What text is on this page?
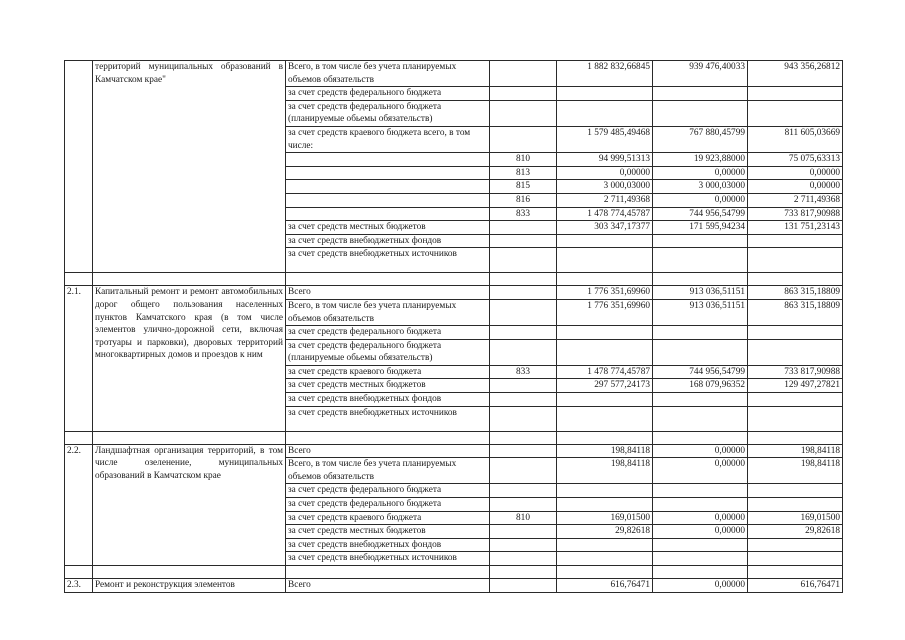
	территорий муниципальных образований в Камчатском крае"	Всего, в том числе без учета планируемых объемов обязательств		1 882 832,66845	939 476,40033	943 356,26812
		за счет средств федерального бюджета				
		за счет средств федерального бюджета (планируемые обьемы обязательств)				
		за счет средств краевого бюджета всего, в том числе:		1 579 485,49468	767 880,45799	811 605,03669
			810	94 999,51313	19 923,88000	75 075,63313
			813	0,00000	0,00000	0,00000
			815	3 000,03000	3 000,03000	0,00000
			816	2 711,49368	0,00000	2 711,49368
			833	1 478 774,45787	744 956,54799	733 817,90988
		за счет средств местных бюджетов		303 347,17377	171 595,94234	131 751,23143
		за счет средств внебюджетных фондов				
		за счет средств внебюджетных источников				

2.1.	Капитальный ремонт и ремонт автомобильных дорог общего пользования населенных пунктов Камчатского края (в том числе элементов улично-дорожной сети, включая тротуары и парковки), дворовых территорий многоквартирных домов и проездов к ним	Всего		1 776 351,69960	913 036,51151	863 315,18809
		Всего, в том числе без учета планируемых объемов обязательств		1 776 351,69960	913 036,51151	863 315,18809
		за счет средств федерального бюджета				
		за счет средств федерального бюджета (планируемые обьемы обязательств)				
		за счет средств краевого бюджета	833	1 478 774,45787	744 956,54799	733 817,90988
		за счет средств местных бюджетов		297 577,24173	168 079,96352	129 497,27821
		за счет средств внебюджетных фондов				
		за счет средств внебюджетных источников				

2.2.	Ландшафтная организация территорий, в том числе озеленение, муниципальных образований в Камчатском крае	Всего		198,84118	0,00000	198,84118
		Всего, в том числе без учета планируемых объемов обязательств		198,84118	0,00000	198,84118
		за счет средств федерального бюджета				
		за счет средств федерального бюджета				
		за счет средств краевого бюджета	810	169,01500	0,00000	169,01500
		за счет средств местных бюджетов		29,82618	0,00000	29,82618
		за счет средств внебюджетных фондов				
		за счет средств внебюджетных источников				

2.3.	Ремонт и реконструкция элементов	Всего		616,76471	0,00000	616,76471
